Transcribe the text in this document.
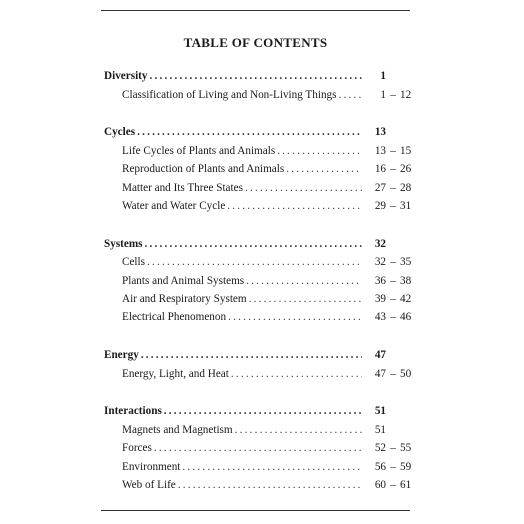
TABLE OF CONTENTS
Diversity .....	1
Classification of Living and Non-Living Things .....	1 – 12
Cycles .....	13
Life Cycles of Plants and Animals .....	13 – 15
Reproduction of Plants and Animals .....	16 – 26
Matter and Its Three States .....	27 – 28
Water and Water Cycle .....	29 – 31
Systems .....	32
Cells .....	32 – 35
Plants and Animal Systems .....	36 – 38
Air and Respiratory System .....	39 – 42
Electrical Phenomenon .....	43 – 46
Energy .....	47
Energy, Light, and Heat .....	47 – 50
Interactions .....	51
Magnets and Magnetism .....	51
Forces .....	52 – 55
Environment .....	56 – 59
Web of Life .....	60 – 61
